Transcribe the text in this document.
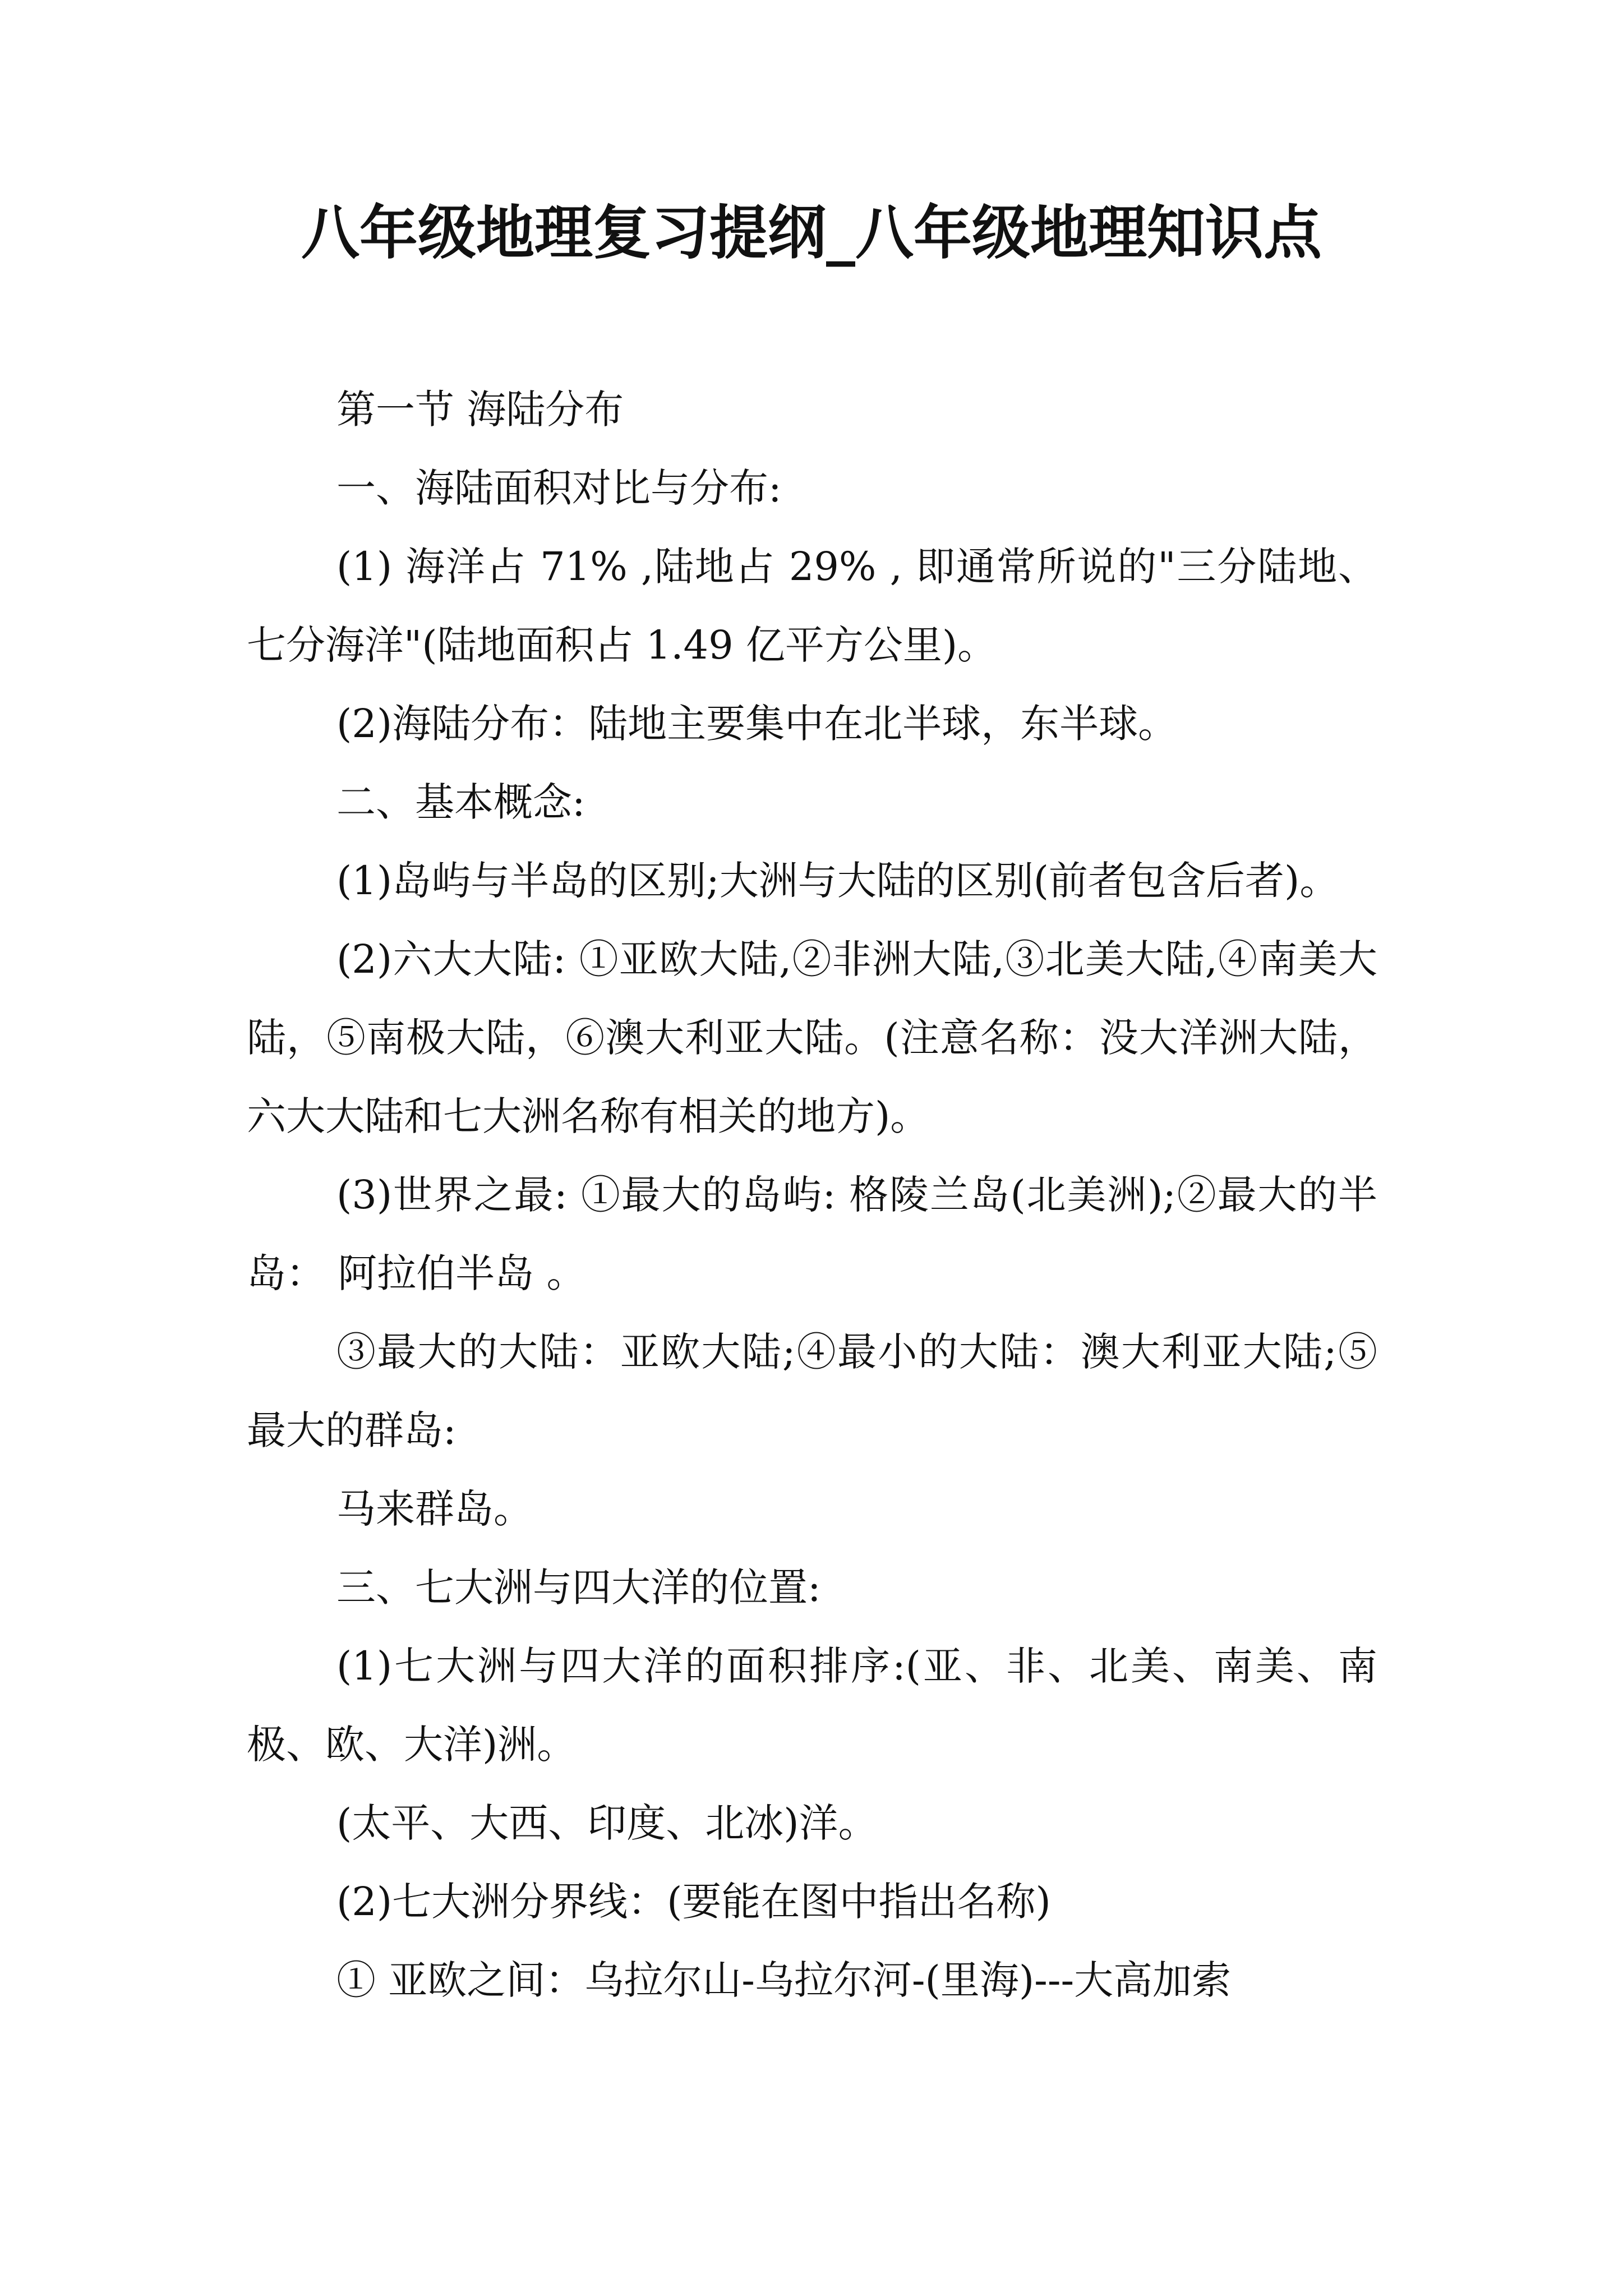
八年级地理复习提纲_八年级地理知识点

第一节 海陆分布

一、海陆面积对比与分布:

(1) 海洋占 71% ,陆地占 29% , 即通常所说的"三分陆地、七分海洋"(陆地面积占 1.49 亿平方公里)。

(2)海陆分布：陆地主要集中在北半球，东半球。

二、基本概念:

(1)岛屿与半岛的区别;大洲与大陆的区别(前者包含后者)。

(2)六大大陆: ①亚欧大陆,②非洲大陆,③北美大陆,④南美大陆，⑤南极大陆，⑥澳大利亚大陆。(注意名称：没大洋洲大陆，六大大陆和七大洲名称有相关的地方)。

(3)世界之最: ①最大的岛屿: 格陵兰岛(北美洲);②最大的半岛： 阿拉伯半岛 。

③最大的大陆：亚欧大陆;④最小的大陆：澳大利亚大陆;⑤最大的群岛:

马来群岛。

三、七大洲与四大洋的位置:

(1)七大洲与四大洋的面积排序:(亚、非、北美、南美、南极、欧、大洋)洲。

(太平、大西、印度、北冰)洋。

(2)七大洲分界线：(要能在图中指出名称)

① 亚欧之间：乌拉尔山-乌拉尔河-(里海)---大高加索
